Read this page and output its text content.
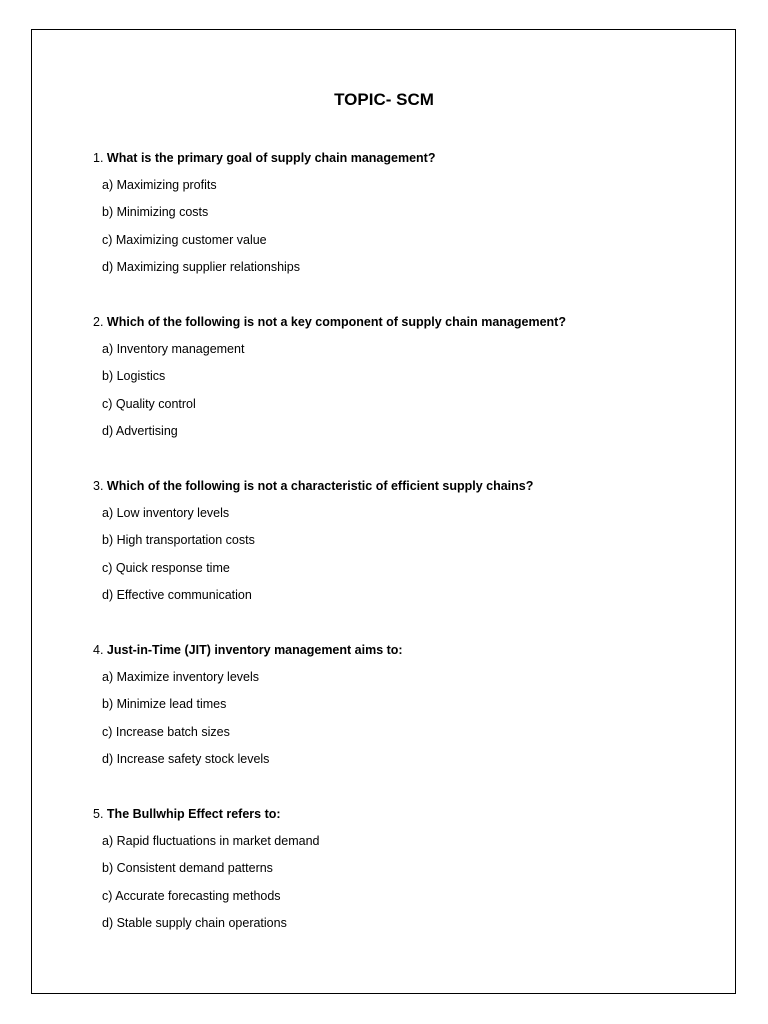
TOPIC- SCM
1. What is the primary goal of supply chain management?
a) Maximizing profits
b) Minimizing costs
c) Maximizing customer value
d) Maximizing supplier relationships
2. Which of the following is not a key component of supply chain management?
a) Inventory management
b) Logistics
c) Quality control
d) Advertising
3. Which of the following is not a characteristic of efficient supply chains?
a) Low inventory levels
b) High transportation costs
c) Quick response time
d) Effective communication
4. Just-in-Time (JIT) inventory management aims to:
a) Maximize inventory levels
b) Minimize lead times
c) Increase batch sizes
d) Increase safety stock levels
5. The Bullwhip Effect refers to:
a) Rapid fluctuations in market demand
b) Consistent demand patterns
c) Accurate forecasting methods
d) Stable supply chain operations
